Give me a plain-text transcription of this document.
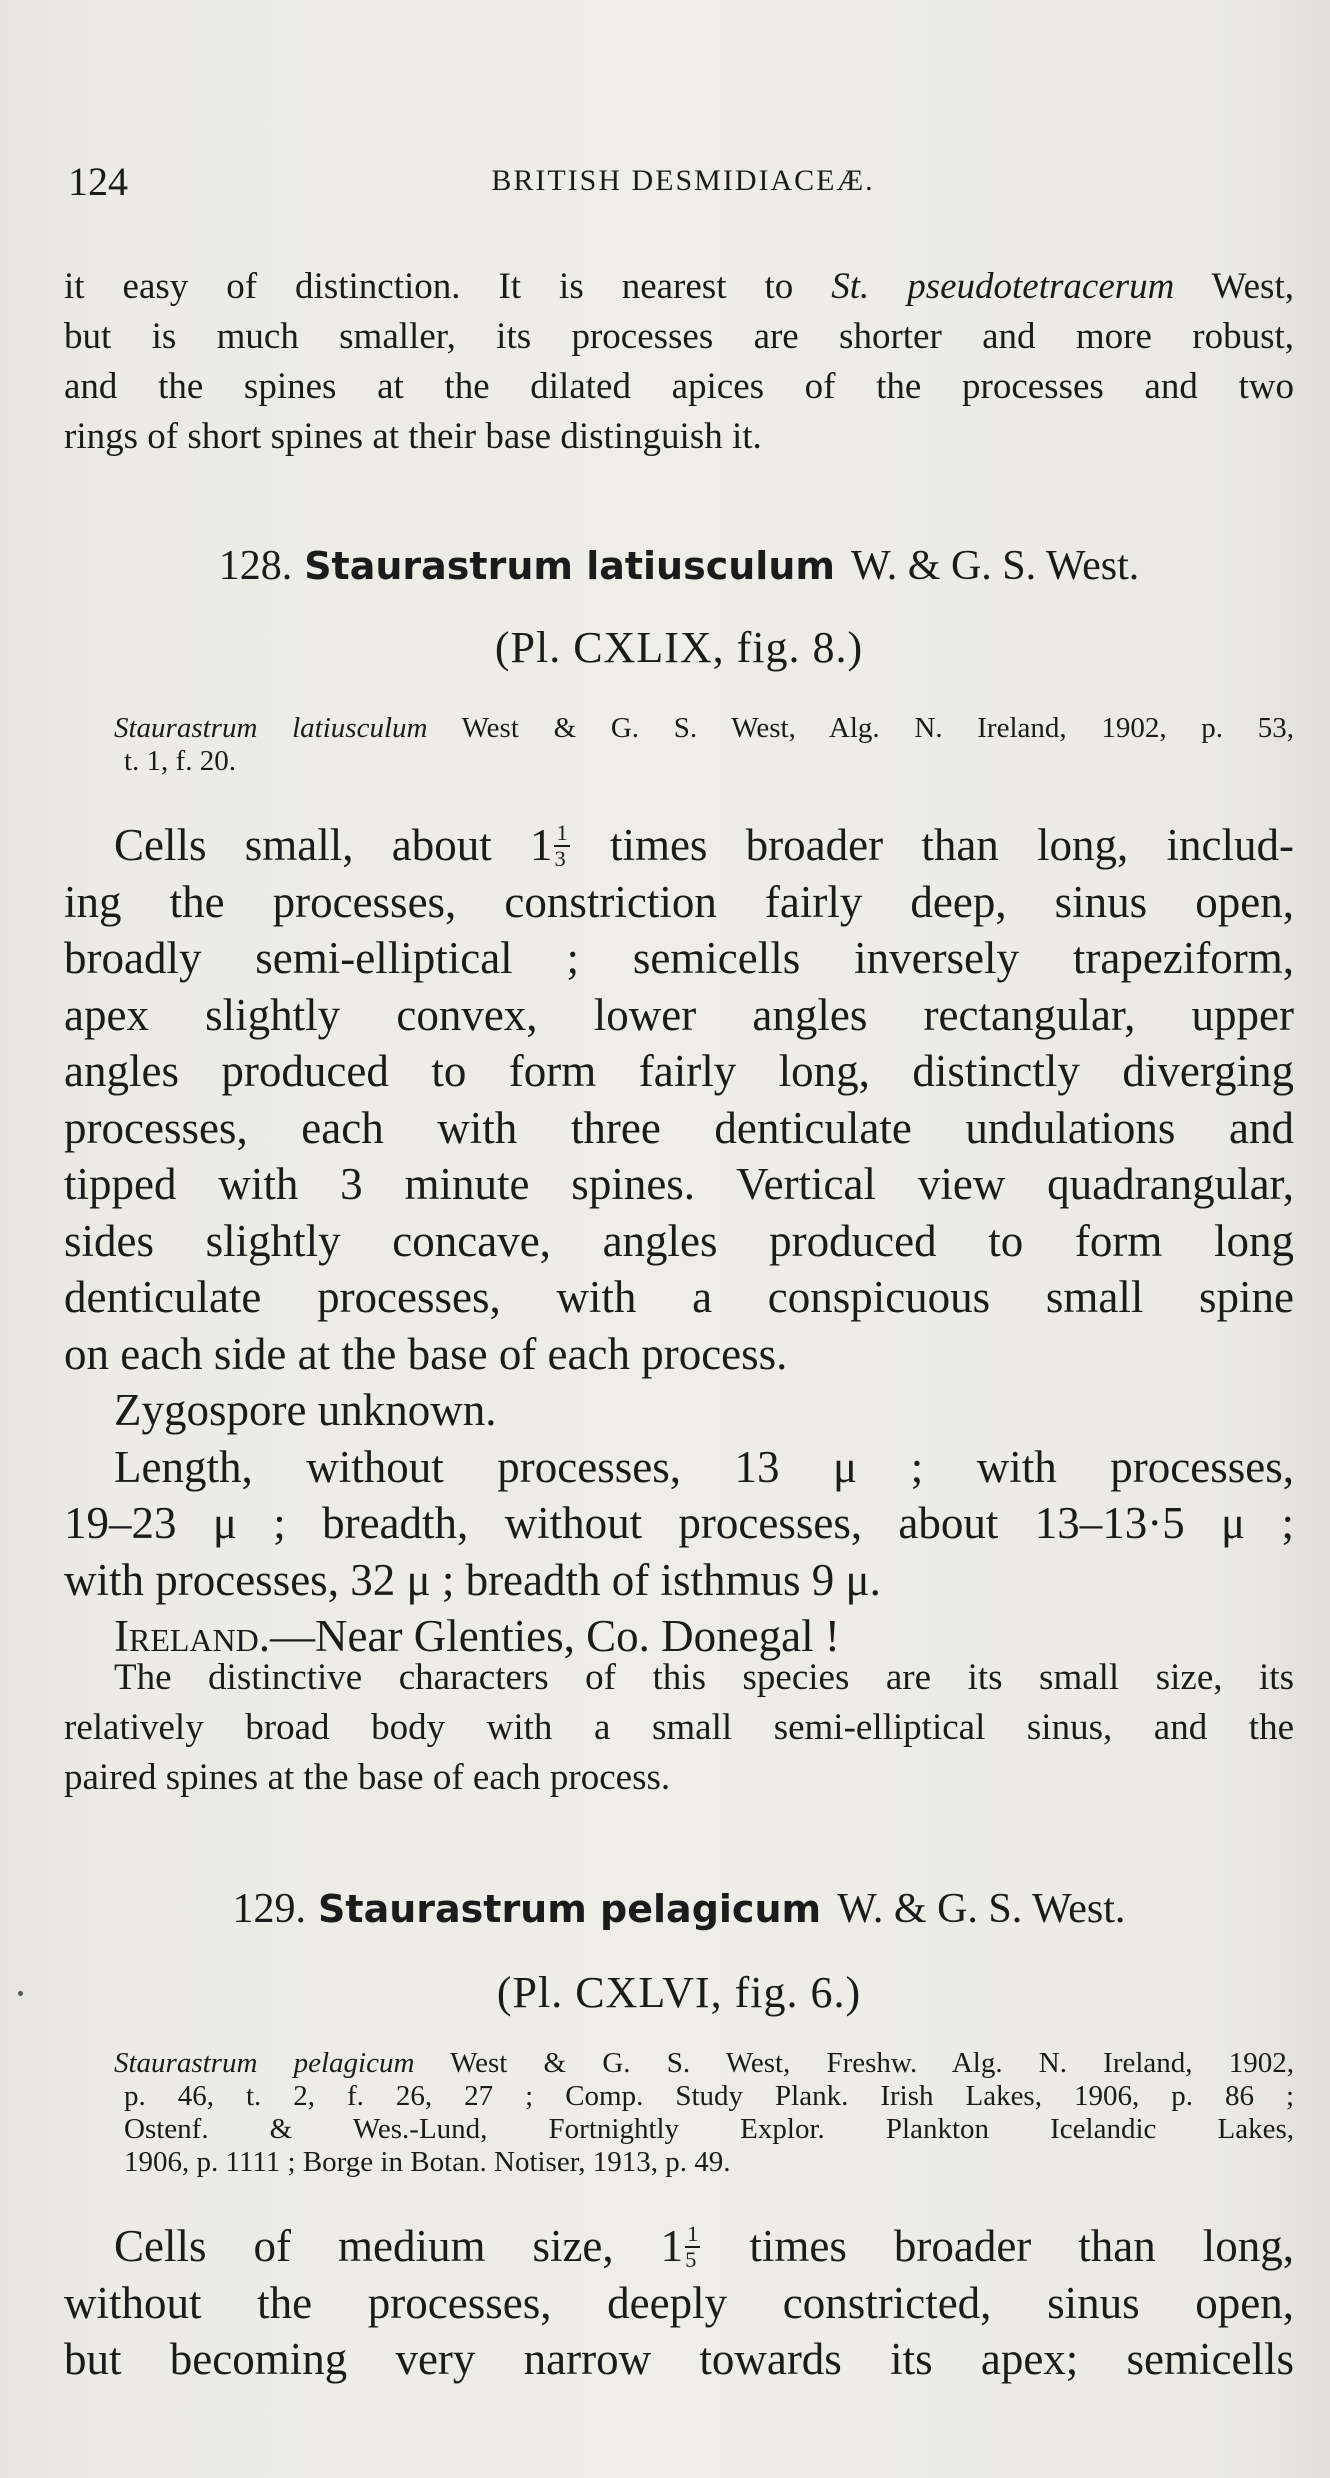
124	BRITISH DESMIDIACEÆ.
it easy of distinction. It is nearest to St. pseudotetracerum West,
but is much smaller, its processes are shorter and more robust,
and the spines at the dilated apices of the processes and two
rings of short spines at their base distinguish it.
128. Staurastrum latiusculum W. & G. S. West.
(Pl. CXLIX, fig. 8.)
Staurastrum latiusculum West & G. S. West, Alg. N. Ireland, 1902, p. 53,
t. 1, f. 20.
Cells small, about $1 \frac{1}{3}$ times broader than long, includ-
ing the processes, constriction fairly deep, sinus open,
broadly semi-elliptical ; semicells inversely trapeziform,
apex slightly convex, lower angles rectangular, upper
angles produced to form fairly long, distinctly diverging
processes, each with three denticulate undulations and
tipped with 3 minute spines. Vertical view quadrangular,
sides slightly concave, angles produced to form long
denticulate processes, with a conspicuous small spine
on each side at the base of each process.
Zygospore unknown.
Length, without processes, 13 μ ; with processes,
19–23 μ ; breadth, without processes, about 13–13·5 μ ;
with processes, 32 μ ; breadth of isthmus 9 μ.
Ireland.—Near Glenties, Co. Donegal !
The distinctive characters of this species are its small size, its
relatively broad body with a small semi-elliptical sinus, and the
paired spines at the base of each process.
129. Staurastrum pelagicum W. & G. S. West.
(Pl. CXLVI, fig. 6.)
Staurastrum pelagicum West & G. S. West, Freshw. Alg. N. Ireland, 1902,
p. 46, t. 2, f. 26, 27 ; Comp. Study Plank. Irish Lakes, 1906, p. 86 ;
Ostenf. & Wes.-Lund, Fortnightly Explor. Plankton Icelandic Lakes,
1906, p. 1111 ; Borge in Botan. Notiser, 1913, p. 49.
Cells of medium size, $1 \frac{1}{5}$ times broader than long,
without the processes, deeply constricted, sinus open,
but becoming very narrow towards its apex; semicells
